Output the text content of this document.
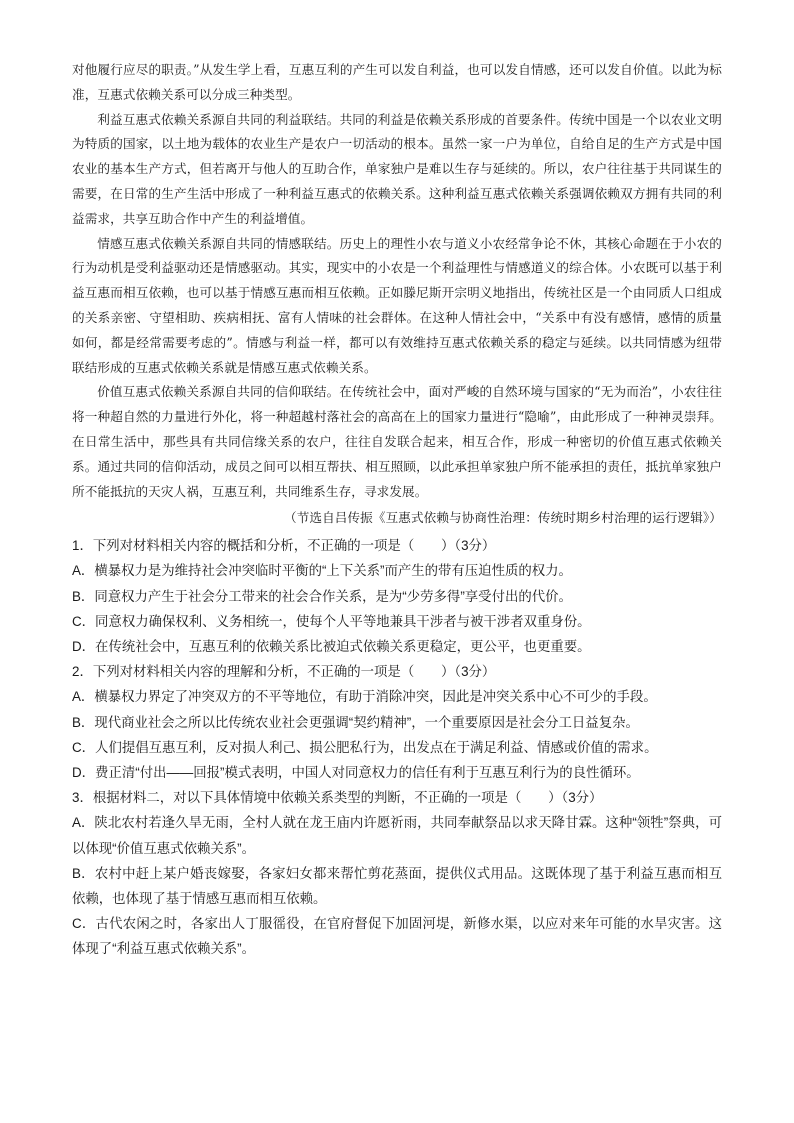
对他履行应尽的职责。”从发生学上看，互惠互利的产生可以发自利益，也可以发自情感，还可以发自价值。以此为标准，互惠式依赖关系可以分成三种类型。

利益互惠式依赖关系源自共同的利益联结。共同的利益是依赖关系形成的首要条件。传统中国是一个以农业文明为特质的国家，以土地为载体的农业生产是农户一切活动的根本。虽然一家一户为单位，自给自足的生产方式是中国农业的基本生产方式，但若离开与他人的互助合作，单家独户是难以生存与延续的。所以，农户往往基于共同谋生的需要，在日常的生产生活中形成了一种利益互惠式的依赖关系。这种利益互惠式依赖关系强调依赖双方拥有共同的利益需求，共享互助合作中产生的利益增值。

情感互惠式依赖关系源自共同的情感联结。历史上的理性小农与道义小农经常争论不休，其核心命题在于小农的行为动机是受利益驱动还是情感驱动。其实，现实中的小农是一个利益理性与情感道义的综合体。小农既可以基于利益互惠而相互依赖，也可以基于情感互惠而相互依赖。正如滕尼斯开宗明义地指出，传统社区是一个由同质人口组成的关系亲密、守望相助、疾病相抚、富有人情味的社会群体。在这种人情社会中，“关系中有没有感情，感情的质量如何，都是经常需要考虑的”。情感与利益一样，都可以有效维持互惠式依赖关系的稳定与延续。以共同情感为纽带联结形成的互惠式依赖关系就是情感互惠式依赖关系。

价值互惠式依赖关系源自共同的信仰联结。在传统社会中，面对严峻的自然环境与国家的“无为而治”，小农往往将一种超自然的力量进行外化，将一种超越村落社会的高高在上的国家力量进行“隐喻”，由此形成了一种神灵崇拜。在日常生活中，那些具有共同信缘关系的农户，往往自发联合起来，相互合作，形成一种密切的价值互惠式依赖关系。通过共同的信仰活动，成员之间可以相互帮扶、相互照顾，以此承担单家独户所不能承担的责任，抵抗单家独户所不能抵抗的天灾人祸，互惠互利，共同维系生存，寻求发展。

（节选自吕传振《互惠式依赖与协商性治理：传统时期乡村治理的运行逻辑》）

1．下列对材料相关内容的概括和分析，不正确的一项是（　　）（3分）

A．横暴权力是为维持社会冲突临时平衡的“上下关系”而产生的带有压迫性质的权力。

B．同意权力产生于社会分工带来的社会合作关系，是为“少劳多得”享受付出的代价。

C．同意权力确保权利、义务相统一，使每个人平等地兼具干涉者与被干涉者双重身份。

D．在传统社会中，互惠互利的依赖关系比被迫式依赖关系更稳定，更公平，也更重要。

2．下列对材料相关内容的理解和分析，不正确的一项是（　　）（3分）

A．横暴权力界定了冲突双方的不平等地位，有助于消除冲突，因此是冲突关系中心不可少的手段。

B．现代商业社会之所以比传统农业社会更强调“契约精神”，一个重要原因是社会分工日益复杂。

C．人们提倡互惠互利，反对损人利己、损公肥私行为，出发点在于满足利益、情感或价值的需求。

D．费正清“付出——回报”模式表明，中国人对同意权力的信任有利于互惠互利行为的良性循环。

3．根据材料二，对以下具体情境中依赖关系类型的判断，不正确的一项是（　　）（3分）

A．陕北农村若逢久旱无雨，全村人就在龙王庙内许愿祈雨，共同奉献祭品以求天降甘霖。这种“领牲”祭典，可以体现“价值互惠式依赖关系”。

B．农村中赶上某户婚丧嫁娶，各家妇女都来帮忙剪花蒸面，提供仪式用品。这既体现了基于利益互惠而相互依赖，也体现了基于情感互惠而相互依赖。

C．古代农闲之时，各家出人丁服徭役，在官府督促下加固河堤，新修水渠，以应对来年可能的水旱灾害。这体现了“利益互惠式依赖关系”。
